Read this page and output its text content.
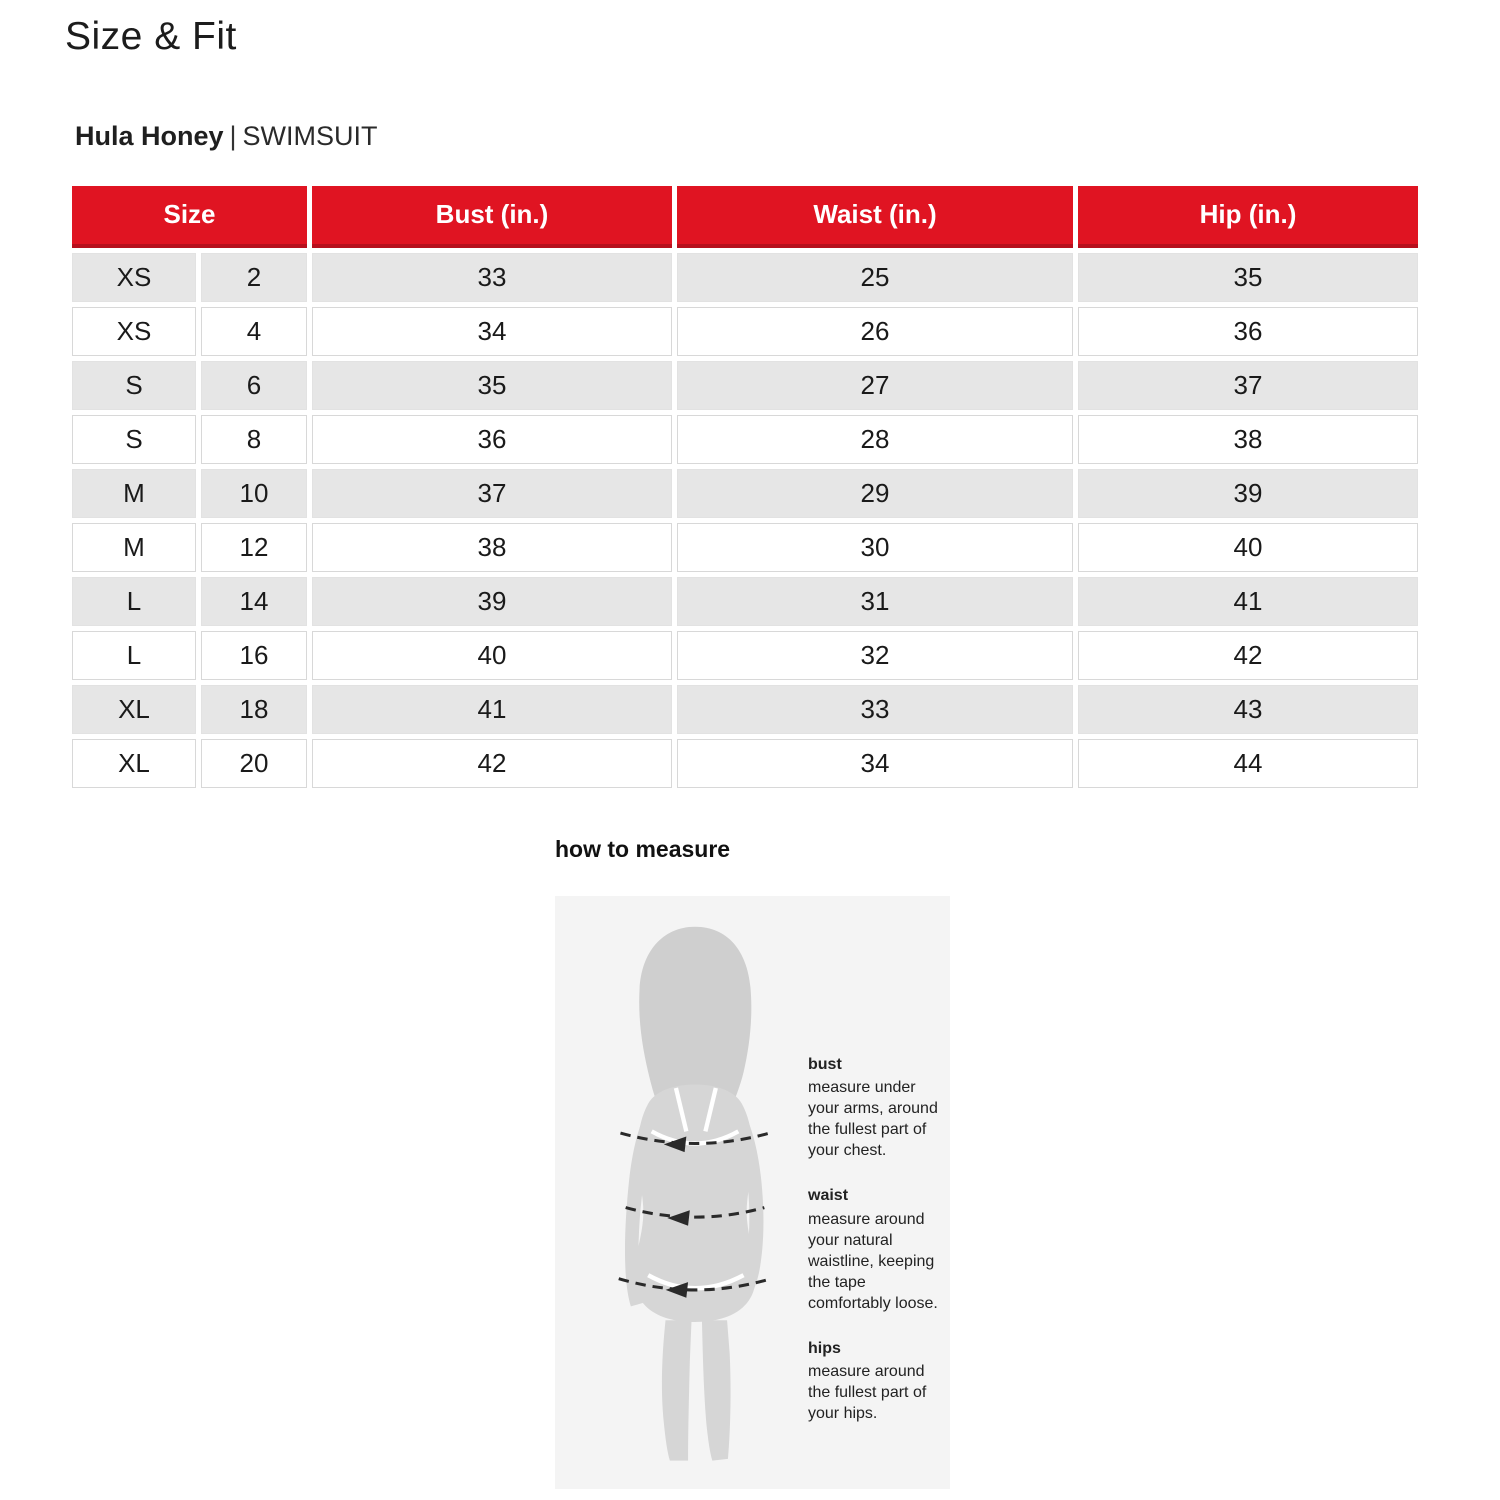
Size & Fit
Hula Honey | SWIMSUIT
Size		Bust (in.)	Waist (in.)	Hip (in.)
XS	2	33	25	35
XS	4	34	26	36
S	6	35	27	37
S	8	36	28	38
M	10	37	29	39
M	12	38	30	40
L	14	39	31	41
L	16	40	32	42
XL	18	41	33	43
XL	20	42	34	44
how to measure
bust
measure under your arms, around the fullest part of your chest.
waist
measure around your natural waistline, keeping the tape comfortably loose.
hips
measure around the fullest part of your hips.
